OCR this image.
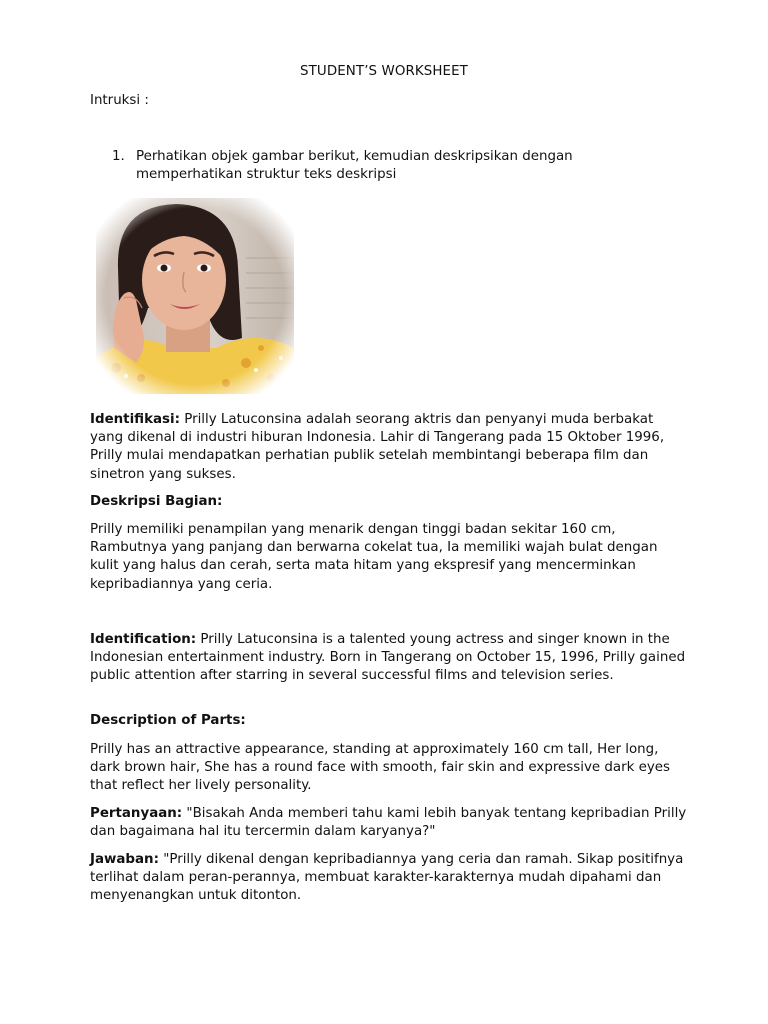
STUDENT’S WORKSHEET
Intruksi :
1. Perhatikan objek gambar berikut, kemudian deskripsikan dengan memperhatikan struktur teks deskripsi

Identifikasi: Prilly Latuconsina adalah seorang aktris dan penyanyi muda berbakat yang dikenal di industri hiburan Indonesia. Lahir di Tangerang pada 15 Oktober 1996, Prilly mulai mendapatkan perhatian publik setelah membintangi beberapa film dan sinetron yang sukses.

Deskripsi Bagian:

Prilly memiliki penampilan yang menarik dengan tinggi badan sekitar 160 cm, Rambutnya yang panjang dan berwarna cokelat tua, Ia memiliki wajah bulat dengan kulit yang halus dan cerah, serta mata hitam yang ekspresif yang mencerminkan kepribadiannya yang ceria.

Identification: Prilly Latuconsina is a talented young actress and singer known in the Indonesian entertainment industry. Born in Tangerang on October 15, 1996, Prilly gained public attention after starring in several successful films and television series.

Description of Parts:

Prilly has an attractive appearance, standing at approximately 160 cm tall, Her long, dark brown hair, She has a round face with smooth, fair skin and expressive dark eyes that reflect her lively personality.

Pertanyaan: "Bisakah Anda memberi tahu kami lebih banyak tentang kepribadian Prilly dan bagaimana hal itu tercermin dalam karyanya?"

Jawaban: "Prilly dikenal dengan kepribadiannya yang ceria dan ramah. Sikap positifnya terlihat dalam peran-perannya, membuat karakter-karakternya mudah dipahami dan menyenangkan untuk ditonton.
